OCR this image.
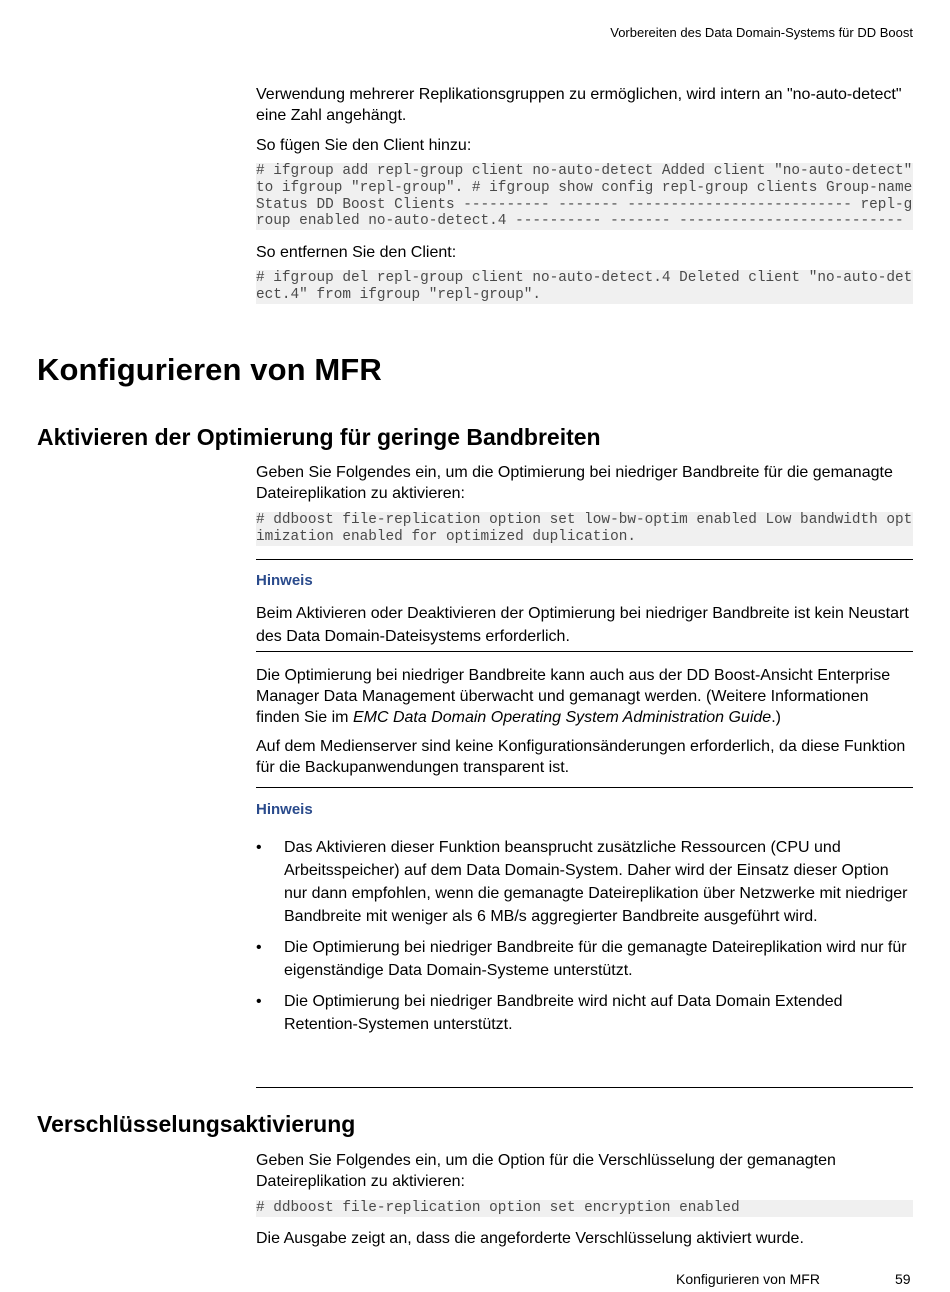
Vorbereiten des Data Domain-Systems für DD Boost

Verwendung mehrerer Replikationsgruppen zu ermöglichen, wird intern an "no-auto-detect" eine Zahl angehängt.

So fügen Sie den Client hinzu:

# ifgroup add repl-group client no-auto-detect Added client "no-auto-detect" to ifgroup "repl-group". # ifgroup show config repl-group clients Group-name Status DD Boost Clients ---------- ------- -------------------------- repl-group enabled no-auto-detect.4 ---------- ------- --------------------------

So entfernen Sie den Client:

# ifgroup del repl-group client no-auto-detect.4 Deleted client "no-auto-detect.4" from ifgroup "repl-group".
Konfigurieren von MFR
Aktivieren der Optimierung für geringe Bandbreiten

Geben Sie Folgendes ein, um die Optimierung bei niedriger Bandbreite für die gemanagte Dateireplikation zu aktivieren:

# ddboost file-replication option set low-bw-optim enabled Low bandwidth optimization enabled for optimized duplication.
Hinweis

Beim Aktivieren oder Deaktivieren der Optimierung bei niedriger Bandbreite ist kein Neustart des Data Domain-Dateisystems erforderlich.

Die Optimierung bei niedriger Bandbreite kann auch aus der DD Boost-Ansicht Enterprise Manager Data Management überwacht und gemanagt werden. (Weitere Informationen finden Sie im EMC Data Domain Operating System Administration Guide.)

Auf dem Medienserver sind keine Konfigurationsänderungen erforderlich, da diese Funktion für die Backupanwendungen transparent ist.

Hinweis
• Das Aktivieren dieser Funktion beansprucht zusätzliche Ressourcen (CPU und Arbeitsspeicher) auf dem Data Domain-System. Daher wird der Einsatz dieser Option nur dann empfohlen, wenn die gemanagte Dateireplikation über Netzwerke mit niedriger Bandbreite mit weniger als 6 MB/s aggregierter Bandbreite ausgeführt wird.
• Die Optimierung bei niedriger Bandbreite für die gemanagte Dateireplikation wird nur für eigenständige Data Domain-Systeme unterstützt.
• Die Optimierung bei niedriger Bandbreite wird nicht auf Data Domain Extended Retention-Systemen unterstützt.
Verschlüsselungsaktivierung

Geben Sie Folgendes ein, um die Option für die Verschlüsselung der gemanagten Dateireplikation zu aktivieren:

# ddboost file-replication option set encryption enabled

Die Ausgabe zeigt an, dass die angeforderte Verschlüsselung aktiviert wurde.

Konfigurieren von MFR	59
